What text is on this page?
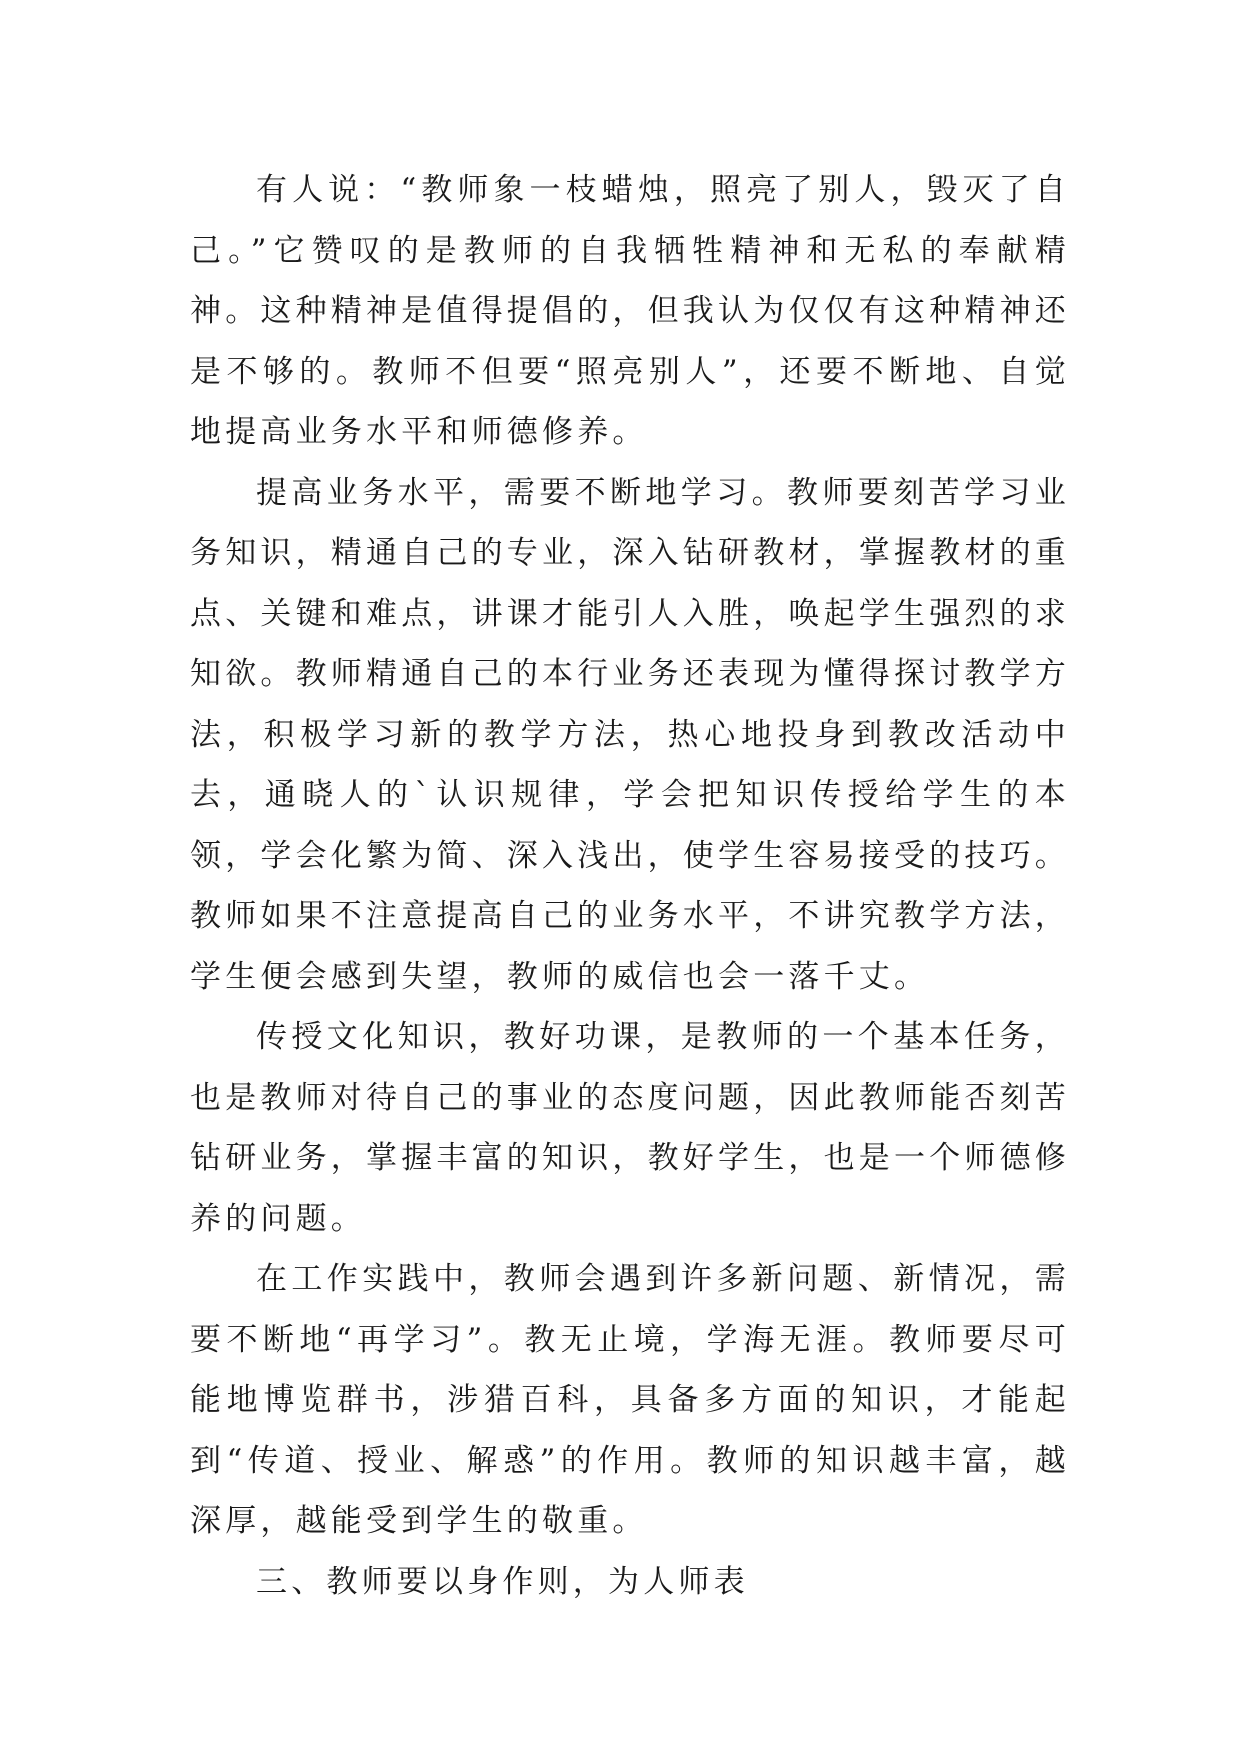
有人说：“教师象一枝蜡烛，照亮了别人，毁灭了自己。”它赞叹的是教师的自我牺牲精神和无私的奉献精神。这种精神是值得提倡的，但我认为仅仅有这种精神还是不够的。教师不但要“照亮别人”，还要不断地、自觉地提高业务水平和师德修养。

提高业务水平，需要不断地学习。教师要刻苦学习业务知识，精通自己的专业，深入钻研教材，掌握教材的重点、关键和难点，讲课才能引人入胜，唤起学生强烈的求知欲。教师精通自己的本行业务还表现为懂得探讨教学方法，积极学习新的教学方法，热心地投身到教改活动中去，通晓人的`认识规律，学会把知识传授给学生的本领，学会化繁为简、深入浅出，使学生容易接受的技巧。教师如果不注意提高自己的业务水平，不讲究教学方法，学生便会感到失望，教师的威信也会一落千丈。

传授文化知识，教好功课，是教师的一个基本任务，也是教师对待自己的事业的态度问题，因此教师能否刻苦钻研业务，掌握丰富的知识，教好学生，也是一个师德修养的问题。

在工作实践中，教师会遇到许多新问题、新情况，需要不断地“再学习”。教无止境，学海无涯。教师要尽可能地博览群书，涉猎百科，具备多方面的知识，才能起到“传道、授业、解惑”的作用。教师的知识越丰富，越深厚，越能受到学生的敬重。

三、教师要以身作则，为人师表
